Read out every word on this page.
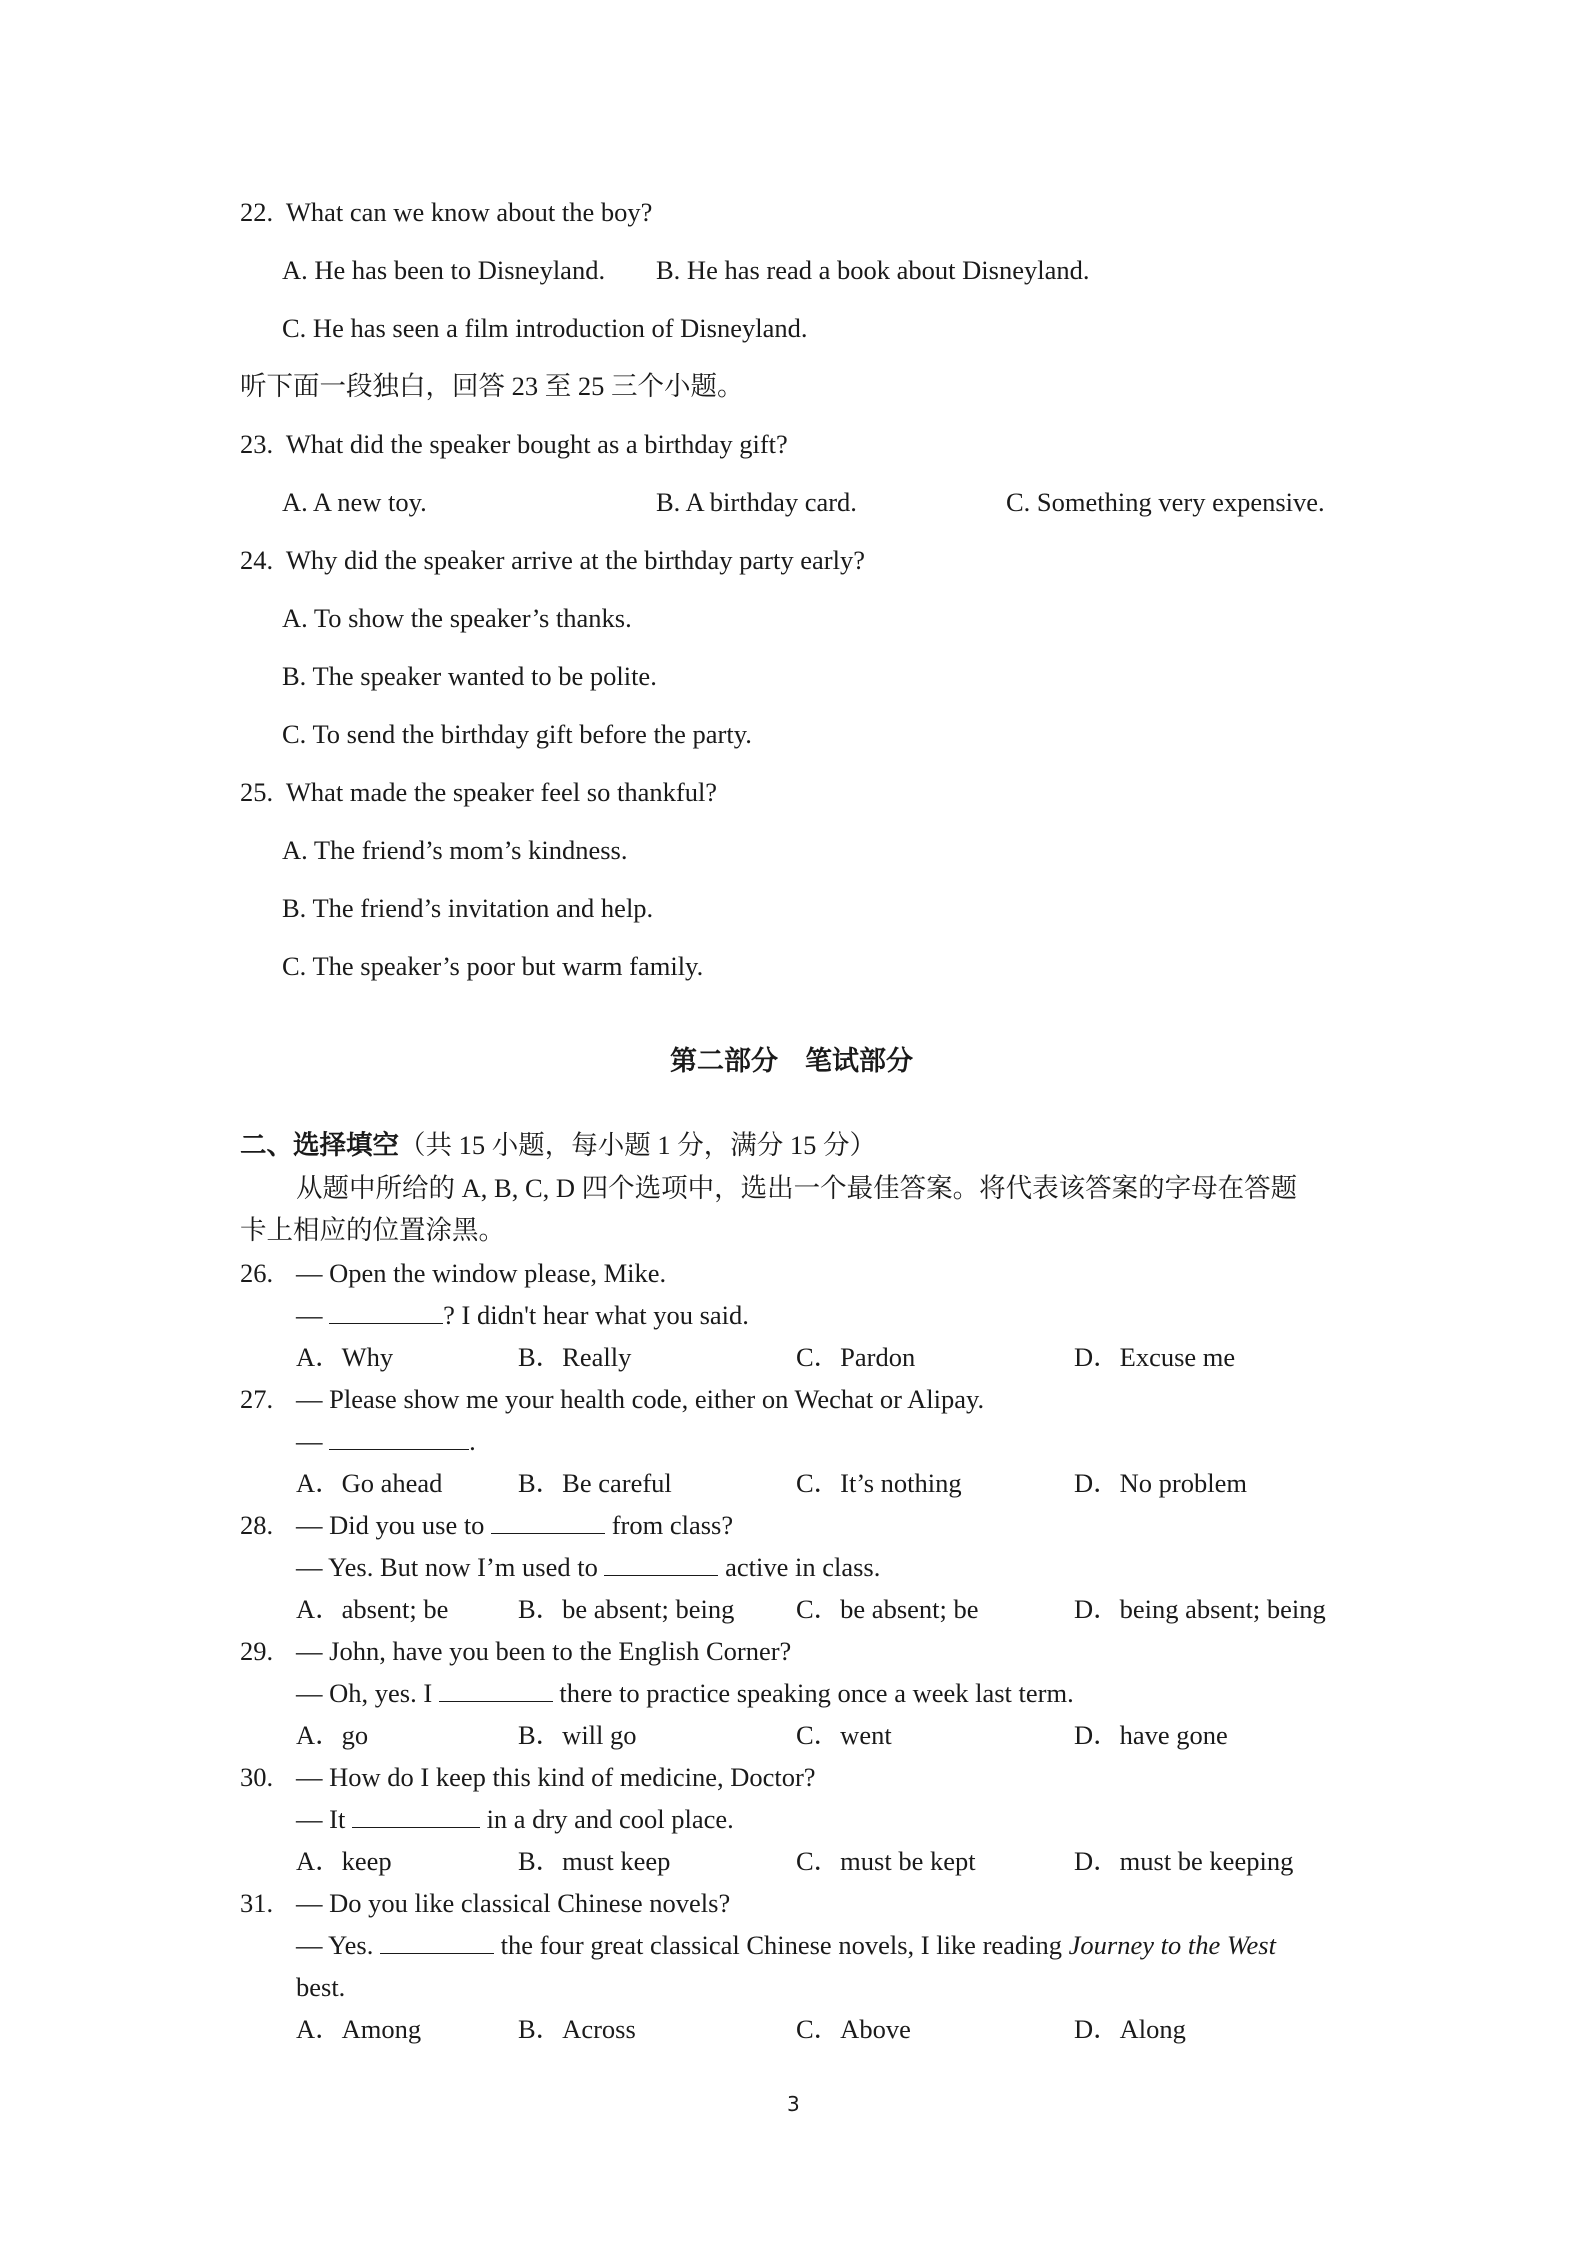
22.  What can we know about the boy?
A. He has been to Disneyland. B. He has read a book about Disneyland.
C. He has seen a film introduction of Disneyland.
听下面一段独白，回答 23 至 25 三个小题。
23.  What did the speaker bought as a birthday gift?
A. A new toy.	B. A birthday card.	C. Something very expensive.
24.  Why did the speaker arrive at the birthday party early?
A. To show the speaker’s thanks.
B. The speaker wanted to be polite.
C. To send the birthday gift before the party.
25.  What made the speaker feel so thankful?
A. The friend’s mom’s kindness.
B. The friend’s invitation and help.
C. The speaker’s poor but warm family.
第二部分　笔试部分
二、选择填空（共 15 小题，每小题 1 分，满分 15 分）
从题中所给的 A, B, C, D 四个选项中，选出一个最佳答案。将代表该答案的字母在答题
卡上相应的位置涂黑。
26. — Open the window please, Mike.
—	? I didn't hear what you said.
A．Why	B．Really	C．Pardon	D．Excuse me
27. — Please show me your health code, either on Wechat or Alipay.
—	.
A．Go ahead	B．Be careful	C．It’s nothing	D．No problem
28. — Did you use to	from class?
— Yes. But now I’m used to	active in class.
A．absent; be	B．be absent; being C．be absent; be	D．being absent; being
29. — John, have you been to the English Corner?
— Oh, yes. I	there to practice speaking once a week last term.
A．go	B．will go	C．went	D．have gone
30. — How do I keep this kind of medicine, Doctor?
— It	in a dry and cool place.
A．keep	B．must keep	C．must be kept	D．must be keeping
31. — Do you like classical Chinese novels?
— Yes.	the four great classical Chinese novels, I like reading Journey to the West
best.
A．Among	B．Across	C．Above	D．Along
3
